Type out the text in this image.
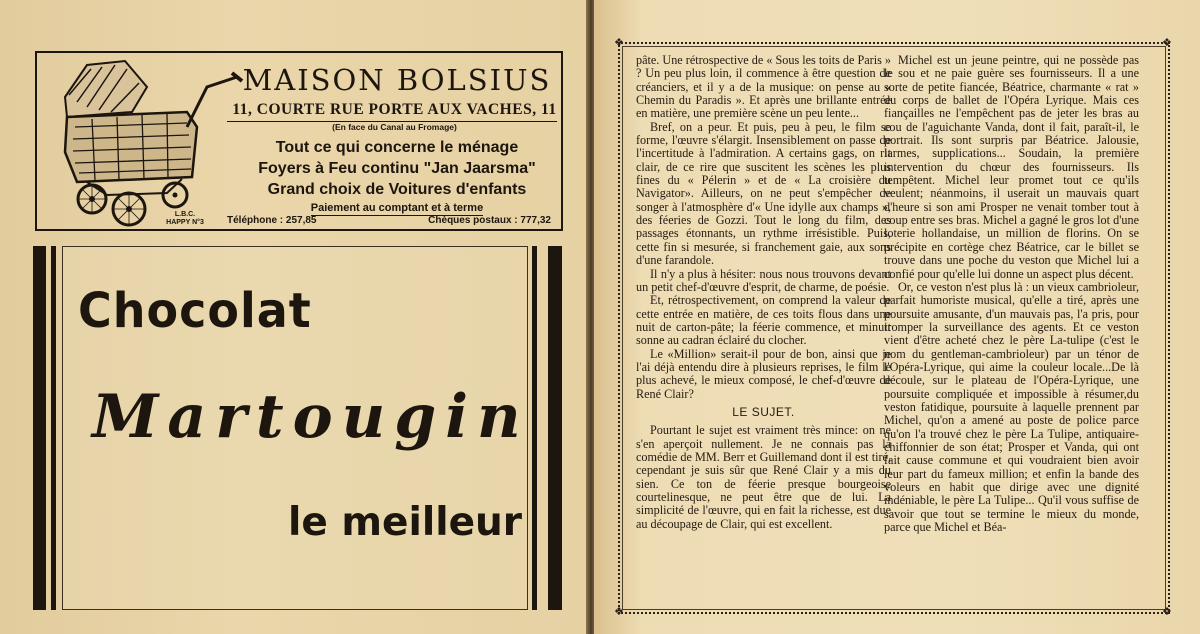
L.B.C.
HAPPY N°3
MAISON BOLSIUS
11, COURTE RUE PORTE AUX VACHES, 11
(En face du Canal au Fromage)
Tout ce qui concerne le ménage
Foyers à Feu continu "Jan Jaarsma"
Grand choix de Voitures d'enfants
Paiement au comptant et à terme
Téléphone : 257,85	Chèques postaux : 777,32
Chocolat
Martougin
le meilleur
❖	❖
❖	❖

pâte. Une rétrospective de « Sous les toits de Paris » ? Un peu plus loin, il commence à être question de créanciers, et il y a de la musique: on pense au « Chemin du Paradis ». Et après une brillante entrée en matière, une première scène un peu lente...

Bref, on a peur. Et puis, peu à peu, le film se forme, l'œuvre s'élargit. Insensiblement on passe de l'incertitude à l'admiration. A certains gags, on rit clair, de ce rire que suscitent les scènes les plus fines du « Pélerin » et de « La croisière du Navigator». Ailleurs, on ne peut s'empêcher de songer à l'atmosphère d'« Une idylle aux champs », des féeries de Gozzi. Tout le long du film, des passages étonnants, un rythme irrésistible. Puis, cette fin si mesurée, si franchement gaie, aux sons d'une farandole.

Il n'y a plus à hésiter: nous nous trouvons devant un petit chef-d'œuvre d'esprit, de charme, de poésie.

Et, rétrospectivement, on comprend la valeur de cette entrée en matière, de ces toits flous dans une nuit de carton-pâte; la féerie commence, et minuit sonne au cadran éclairé du clocher.

Le «Million» serait-il pour de bon, ainsi que je l'ai déjà entendu dire à plusieurs reprises, le film le plus achevé, le mieux composé, le chef-d'œuvre de René Clair?

LE SUJET.

Pourtant le sujet est vraiment très mince: on ne s'en aperçoit nullement. Je ne connais pas la comédie de MM. Berr et Guillemand dont il est tiré, cependant je suis sûr que René Clair y a mis du sien. Ce ton de féerie presque bourgeoise courtelinesque, ne peut être que de lui. La simplicité de l'œuvre, qui en fait la richesse, est due au découpage de Clair, qui est excellent.

Michel est un jeune peintre, qui ne possède pas le sou et ne paie guère ses fournisseurs. Il a une sorte de petite fiancée, Béatrice, charmante « rat » du corps de ballet de l'Opéra Lyrique. Mais ces fiançailles ne l'empêchent pas de jeter les bras au cou de l'aguichante Vanda, dont il fait, paraît-il, le portrait. Ils sont surpris par Béatrice. Jalousie, larmes, supplications... Soudain, la première intervention du chœur des fournisseurs. Ils tempêtent. Michel leur promet tout ce qu'ils veulent; néanmoins, il userait un mauvais quart d'heure si son ami Prosper ne venait tomber tout à coup entre ses bras. Michel a gagné le gros lot d'une loterie hollandaise, un million de florins. On se précipite en cortège chez Béatrice, car le billet se trouve dans une poche du veston que Michel lui a confié pour qu'elle lui donne un aspect plus décent.

Or, ce veston n'est plus là : un vieux cambrioleur, parfait humoriste musical, qu'elle a tiré, après une poursuite amusante, d'un mauvais pas, l'a pris, pour tromper la surveillance des agents. Et ce veston vient d'être acheté chez le père La-tulipe (c'est le nom du gentleman-cambrioleur) par un ténor de l'Opéra-Lyrique, qui aime la couleur locale...De là découle, sur le plateau de l'Opéra-Lyrique, une poursuite compliquée et impossible à résumer,du veston fatidique, poursuite à laquelle prennent par Michel, qu'on a amené au poste de police parce qu'on l'a trouvé chez le père La Tulipe, antiquaire-chiffonnier de son état; Prosper et Vanda, qui ont fait cause commune et qui voudraient bien avoir leur part du fameux million; et enfin la bande des voleurs en habit que dirige avec une dignité indéniable, le père La Tulipe... Qu'il vous suffise de savoir que tout se termine le mieux du monde, parce que Michel et Béa-
